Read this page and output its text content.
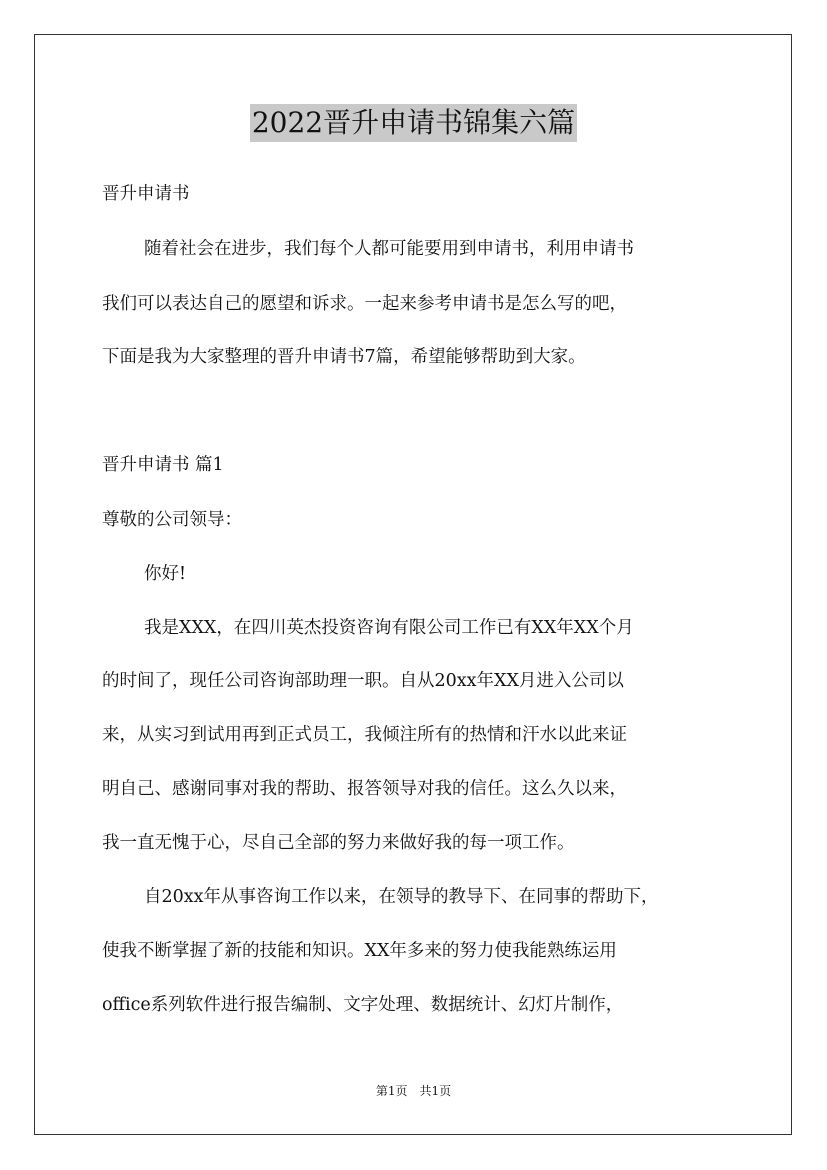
2022晋升申请书锦集六篇
晋升申请书
随着社会在进步，我们每个人都可能要用到申请书，利用申请书
我们可以表达自己的愿望和诉求。一起来参考申请书是怎么写的吧，
下面是我为大家整理的晋升申请书7篇，希望能够帮助到大家。
晋升申请书 篇1
尊敬的公司领导：
你好!
我是XXX，在四川英杰投资咨询有限公司工作已有XX年XX个月
的时间了，现任公司咨询部助理一职。自从20xx年XX月进入公司以
来，从实习到试用再到正式员工，我倾注所有的热情和汗水以此来证
明自己、感谢同事对我的帮助、报答领导对我的信任。这么久以来，
我一直无愧于心，尽自己全部的努力来做好我的每一项工作。
自20xx年从事咨询工作以来，在领导的教导下、在同事的帮助下，
使我不断掌握了新的技能和知识。XX年多来的努力使我能熟练运用
office系列软件进行报告编制、文字处理、数据统计、幻灯片制作，
第1页　共1页
